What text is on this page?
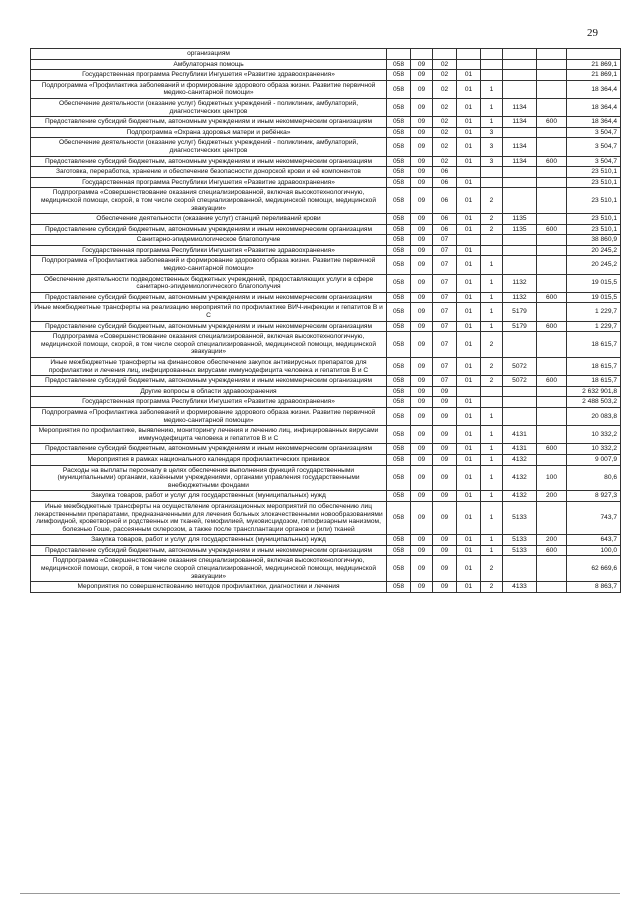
29
организациям								
Амбулаторная помощь	058	09	02					21 869,1
Государственная программа Республики Ингушетия «Развитие здравоохранения»	058	09	02	01				21 869,1
Подпрограмма «Профилактика заболеваний и формирование здорового образа жизни. Развитие первичной медико-санитарной помощи»	058	09	02	01	1			18 364,4
Обеспечение деятельности (оказание услуг) бюджетных учреждений - поликлиник, амбулаторий, диагностических центров	058	09	02	01	1	1134		18 364,4
Предоставление субсидий бюджетным, автономным учреждениям и иным некоммерческим организациям	058	09	02	01	1	1134	600	18 364,4
Подпрограмма «Охрана здоровья матери и ребёнка»	058	09	02	01	3			3 504,7
Обеспечение деятельности (оказание услуг) бюджетных учреждений - поликлиник, амбулаторий, диагностических центров	058	09	02	01	3	1134		3 504,7
Предоставление субсидий бюджетным, автономным учреждениям и иным некоммерческим организациям	058	09	02	01	3	1134	600	3 504,7
Заготовка, переработка, хранение и обеспечение безопасности донорской крови и её компонентов	058	09	06					23 510,1
Государственная программа Республики Ингушетия «Развитие здравоохранения»	058	09	06	01				23 510,1
Подпрограмма «Совершенствование оказания специализированной, включая высокотехнологичную, медицинской помощи, скорой, в том числе скорой специализированной, медицинской помощи, медицинской эвакуации»	058	09	06	01	2			23 510,1
Обеспечение деятельности (оказание услуг) станций переливаний крови	058	09	06	01	2	1135		23 510,1
Предоставление субсидий бюджетным, автономным учреждениям и иным некоммерческим организациям	058	09	06	01	2	1135	600	23 510,1
Санитарно-эпидемиологическое благополучие	058	09	07					38 860,9
Государственная программа Республики Ингушетия «Развитие здравоохранения»	058	09	07	01				20 245,2
Подпрограмма «Профилактика заболеваний и формирование здорового образа жизни. Развитие первичной медико-санитарной помощи»	058	09	07	01	1			20 245,2
Обеспечение деятельности подведомственных бюджетных учреждений, предоставляющих услуги в сфере санитарно-эпидемиологического благополучия	058	09	07	01	1	1132		19 015,5
Предоставление субсидий бюджетным, автономным учреждениям и иным некоммерческим организациям	058	09	07	01	1	1132	600	19 015,5
Иные межбюджетные трансферты на реализацию мероприятий по профилактике ВИЧ-инфекции и гепатитов В и С	058	09	07	01	1	5179		1 229,7
Предоставление субсидий бюджетным, автономным учреждениям и иным некоммерческим организациям	058	09	07	01	1	5179	600	1 229,7
Подпрограмма «Совершенствование оказания специализированной, включая высокотехнологичную, медицинской помощи, скорой, в том числе скорой специализированной, медицинской помощи, медицинской эвакуации»	058	09	07	01	2			18 615,7
Иные межбюджетные трансферты на финансовое обеспечение закупок антивирусных препаратов для профилактики и лечения лиц, инфицированных вирусами иммунодефицита человека и гепатитов В и С	058	09	07	01	2	5072		18 615,7
Предоставление субсидий бюджетным, автономным учреждениям и иным некоммерческим организациям	058	09	07	01	2	5072	600	18 615,7
Другие вопросы в области здравоохранения	058	09	09					2 632 901,8
Государственная программа Республики Ингушетия «Развитие здравоохранения»	058	09	09	01				2 488 503,2
Подпрограмма «Профилактика заболеваний и формирование здорового образа жизни. Развитие первичной медико-санитарной помощи»	058	09	09	01	1			20 083,8
Мероприятия по профилактике, выявлению, мониторингу лечения и лечению лиц, инфицированных вирусами иммунодефицита человека и гепатитов В и С	058	09	09	01	1	4131		10 332,2
Предоставление субсидий бюджетным, автономным учреждениям и иным некоммерческим организациям	058	09	09	01	1	4131	600	10 332,2
Мероприятия в рамках национального календаря профилактических прививок	058	09	09	01	1	4132		9 007,9
Расходы на выплаты персоналу в целях обеспечения выполнения функций государственными (муниципальными) органами, казёнными учреждениями, органами управления государственными внебюджетными фондами	058	09	09	01	1	4132	100	80,6
Закупка товаров, работ и услуг для государственных (муниципальных) нужд	058	09	09	01	1	4132	200	8 927,3
Иные межбюджетные трансферты на осуществление организационных мероприятий по обеспечению лиц лекарственными препаратами, предназначенными для лечения больных злокачественными новообразованиями лимфоидной, кроветворной и родственных им тканей, гемофилией, муковисцидозом, гипофизарным нанизмом, болезнью Гоше, рассеянным склерозом, а также после трансплантации органов и (или) тканей	058	09	09	01	1	5133		743,7
Закупка товаров, работ и услуг для государственных (муниципальных) нужд	058	09	09	01	1	5133	200	643,7
Предоставление субсидий бюджетным, автономным учреждениям и иным некоммерческим организациям	058	09	09	01	1	5133	600	100,0
Подпрограмма «Совершенствование оказания специализированной, включая высокотехнологичную, медицинской помощи, скорой, в том числе скорой специализированной, медицинской помощи, медицинской эвакуации»	058	09	09	01	2			62 669,6
Мероприятия по совершенствованию методов профилактики, диагностики и лечения	058	09	09	01	2	4133		8 863,7
